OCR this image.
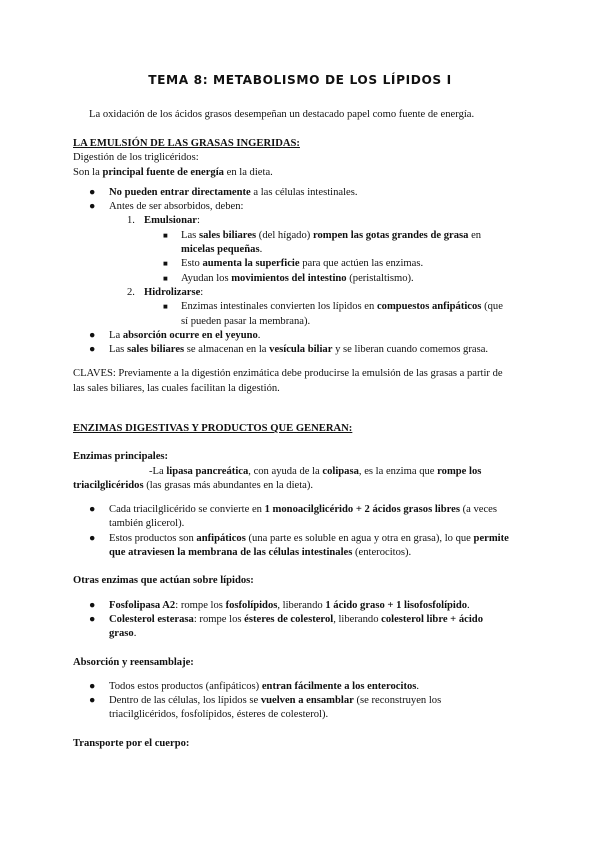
TEMA 8: METABOLISMO DE LOS LÍPIDOS I
La oxidación de los ácidos grasos desempeñan un destacado papel como fuente de energía.
LA EMULSIÓN DE LAS GRASAS INGERIDAS:
Digestión de los triglicéridos:
Son la principal fuente de energía en la dieta.
● No pueden entrar directamente a las células intestinales.
● Antes de ser absorbidos, deben:
1. Emulsionar:
■ Las sales biliares (del hígado) rompen las gotas grandes de grasa en
micelas pequeñas.
■ Esto aumenta la superficie para que actúen las enzimas.
■ Ayudan los movimientos del intestino (peristaltismo).
2. Hidrolizarse:
■ Enzimas intestinales convierten los lípidos en compuestos anfipáticos (que
sí pueden pasar la membrana).
● La absorción ocurre en el yeyuno.
● Las sales biliares se almacenan en la vesícula biliar y se liberan cuando comemos grasa.
CLAVES: Previamente a la digestión enzimática debe producirse la emulsión de las grasas a partir de
las sales biliares, las cuales facilitan la digestión.
ENZIMAS DIGESTIVAS Y PRODUCTOS QUE GENERAN:
Enzimas principales:
-La lipasa pancreática, con ayuda de la colipasa, es la enzima que rompe los
triacilglicéridos (las grasas más abundantes en la dieta).
● Cada triacilglicérido se convierte en 1 monoacilglicérido + 2 ácidos grasos libres (a veces
también glicerol).
● Estos productos son anfipáticos (una parte es soluble en agua y otra en grasa), lo que permite
que atraviesen la membrana de las células intestinales (enterocitos).
Otras enzimas que actúan sobre lípidos:
● Fosfolipasa A2: rompe los fosfolípidos, liberando 1 ácido graso + 1 lisofosfolípido.
● Colesterol esterasa: rompe los ésteres de colesterol, liberando colesterol libre + ácido
graso.
Absorción y reensamblaje:
● Todos estos productos (anfipáticos) entran fácilmente a los enterocitos.
● Dentro de las células, los lípidos se vuelven a ensamblar (se reconstruyen los
triacilglicéridos, fosfolípidos, ésteres de colesterol).
Transporte por el cuerpo:
